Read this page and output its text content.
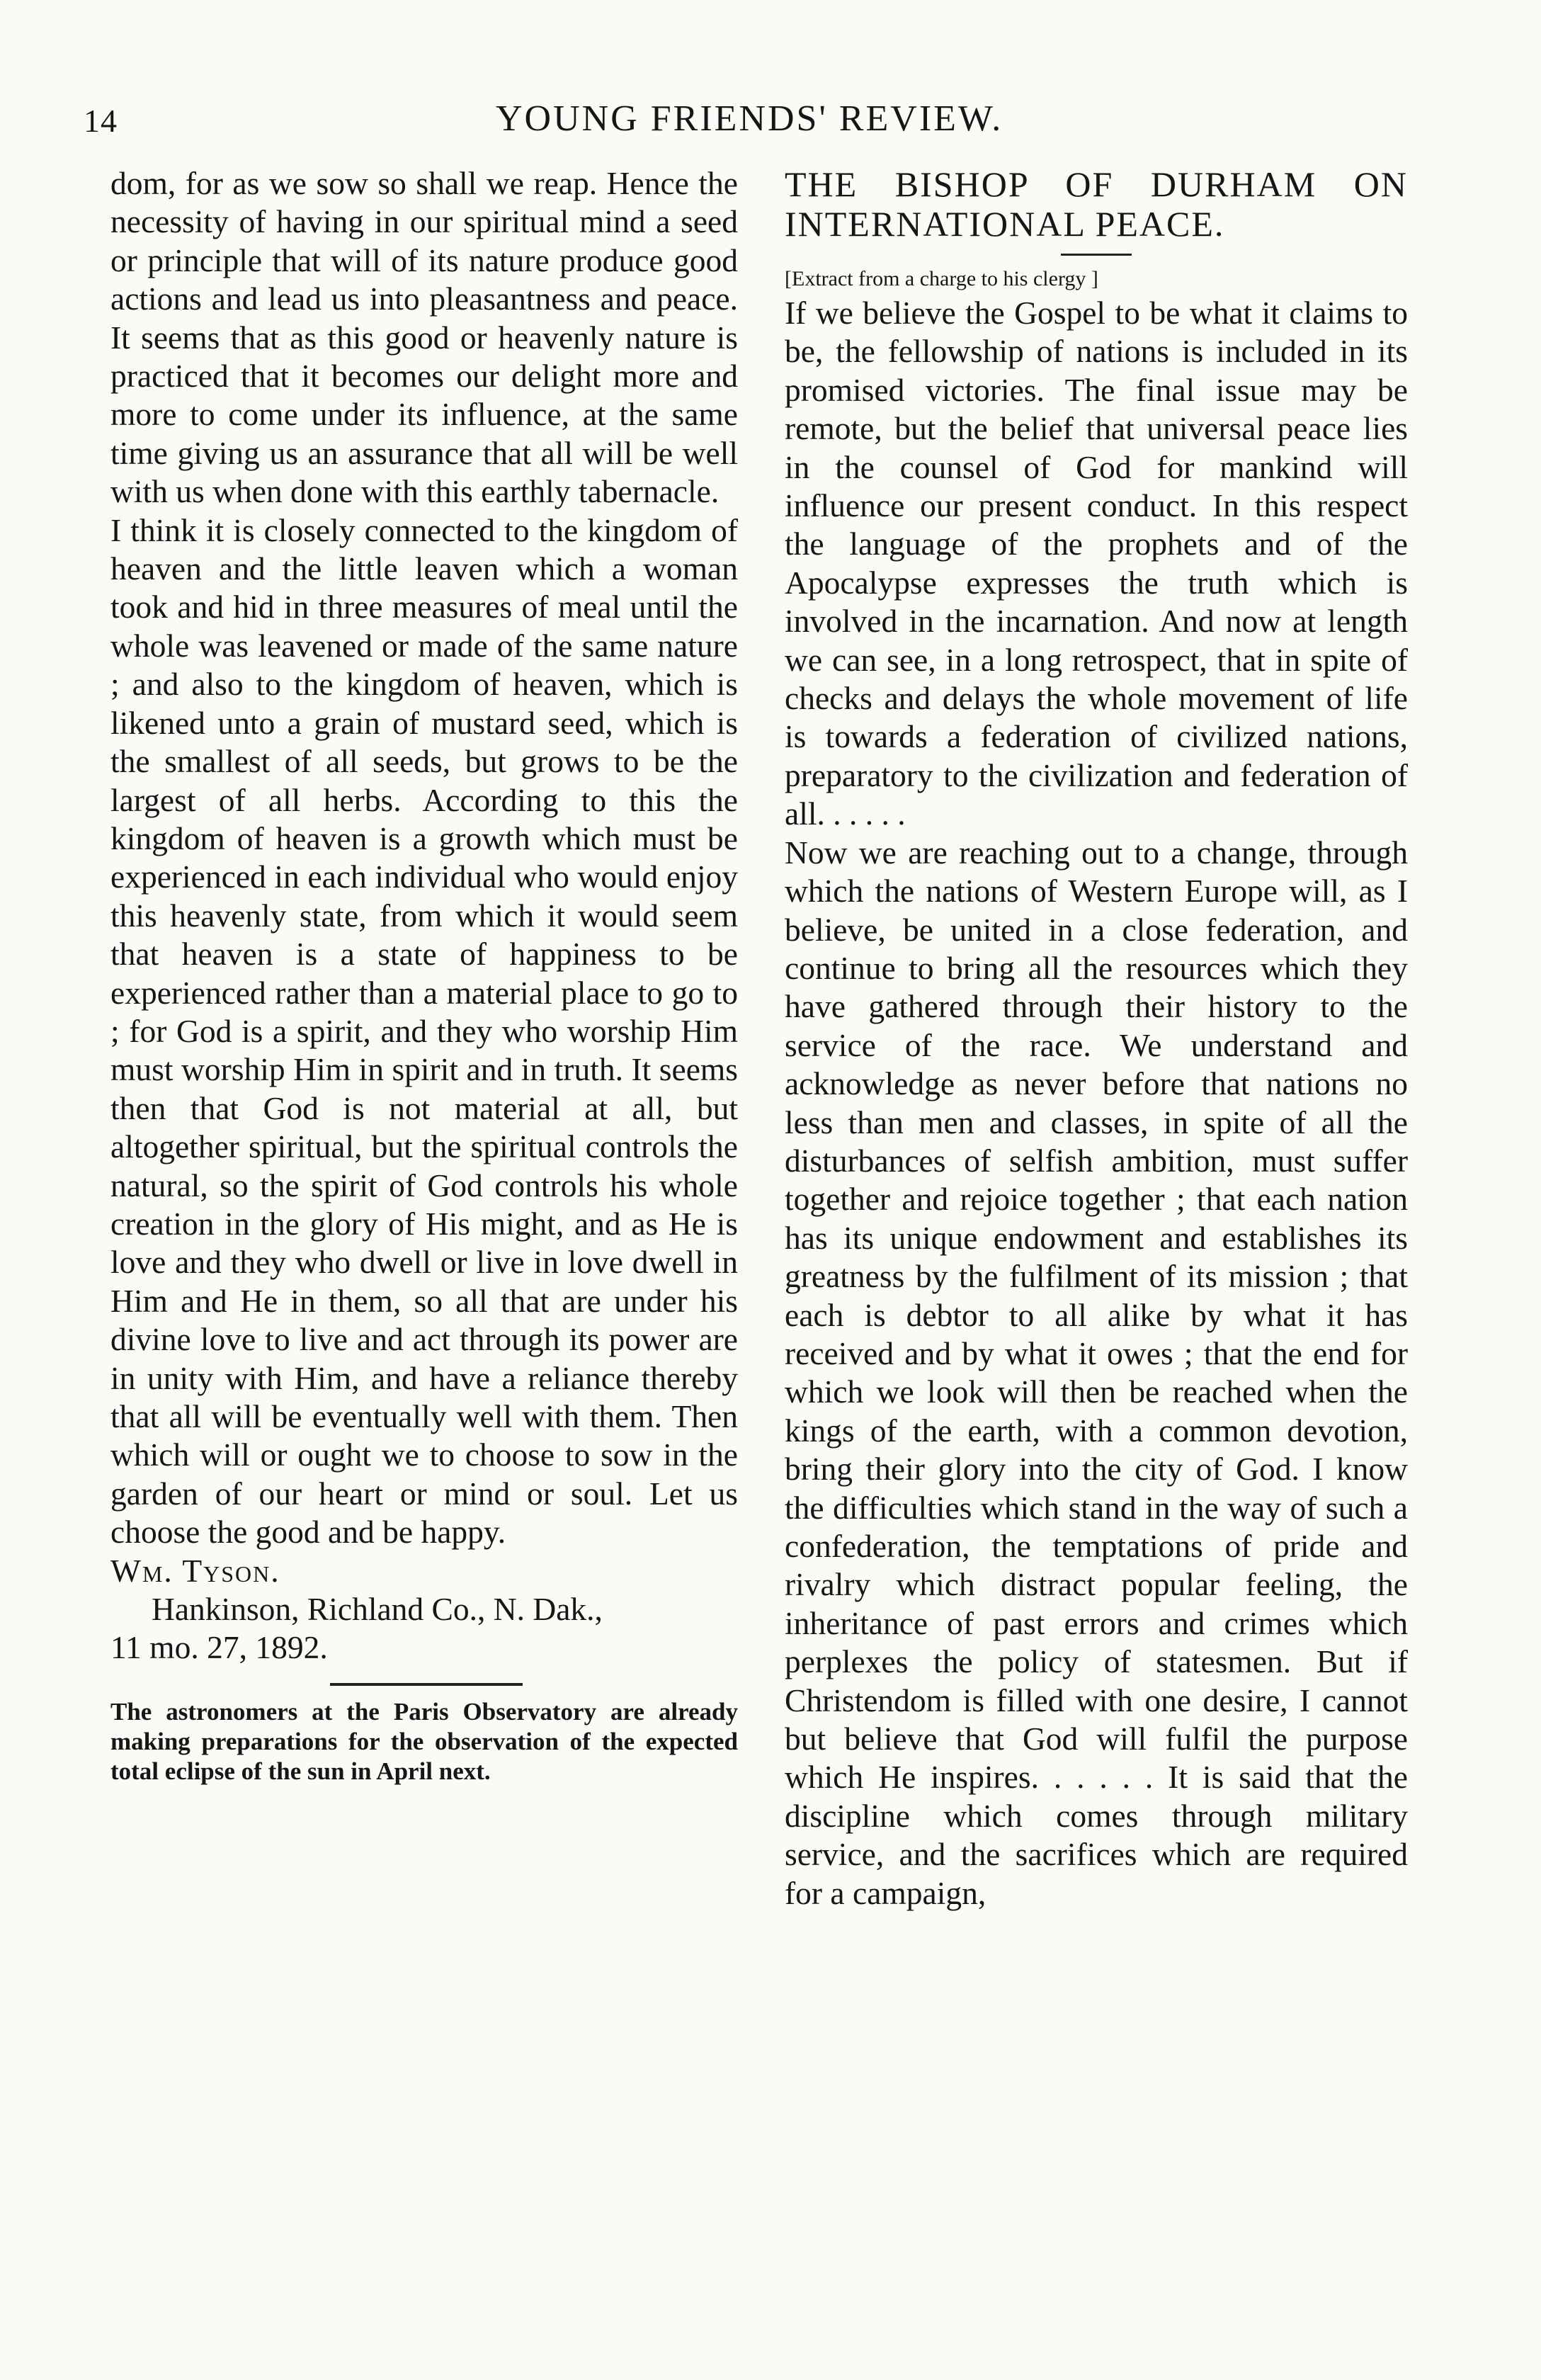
14	YOUNG FRIENDS' REVIEW.

dom, for as we sow so shall we reap. Hence the necessity of having in our spiritual mind a seed or principle that will of its nature produce good actions and lead us into pleasantness and peace. It seems that as this good or heavenly nature is practiced that it becomes our delight more and more to come under its influence, at the same time giving us an assurance that all will be well with us when done with this earthly tabernacle.

I think it is closely connected to the kingdom of heaven and the little leaven which a woman took and hid in three measures of meal until the whole was leavened or made of the same nature ; and also to the kingdom of heaven, which is likened unto a grain of mustard seed, which is the smallest of all seeds, but grows to be the largest of all herbs. According to this the kingdom of heaven is a growth which must be experienced in each individual who would enjoy this heavenly state, from which it would seem that heaven is a state of happiness to be experienced rather than a material place to go to ; for God is a spirit, and they who worship Him must worship Him in spirit and in truth. It seems then that God is not material at all, but altogether spiritual, but the spiritual controls the natural, so the spirit of God controls his whole creation in the glory of His might, and as He is love and they who dwell or live in love dwell in Him and He in them, so all that are under his divine love to live and act through its power are in unity with Him, and have a reliance thereby that all will be eventually well with them. Then which will or ought we to choose to sow in the garden of our heart or mind or soul. Let us choose the good and be happy.

Wm. Tyson.

Hankinson, Richland Co., N. Dak.,

11 mo. 27, 1892.

The astronomers at the Paris Observatory are already making preparations for the observation of the expected total eclipse of the sun in April next.

THE BISHOP OF DURHAM ON INTERNATIONAL PEACE.

[Extract from a charge to his clergy ]

If we believe the Gospel to be what it claims to be, the fellowship of nations is included in its promised victories. The final issue may be remote, but the belief that universal peace lies in the counsel of God for mankind will influence our present conduct. In this respect the language of the prophets and of the Apocalypse expresses the truth which is involved in the incarnation. And now at length we can see, in a long retrospect, that in spite of checks and delays the whole movement of life is towards a federation of civilized nations, preparatory to the civilization and federation of all. . . . . .

Now we are reaching out to a change, through which the nations of Western Europe will, as I believe, be united in a close federation, and continue to bring all the resources which they have gathered through their history to the service of the race. We understand and acknowledge as never before that nations no less than men and classes, in spite of all the disturbances of selfish ambition, must suffer together and rejoice together ; that each nation has its unique endowment and establishes its greatness by the fulfilment of its mission ; that each is debtor to all alike by what it has received and by what it owes ; that the end for which we look will then be reached when the kings of the earth, with a common devotion, bring their glory into the city of God. I know the difficulties which stand in the way of such a confederation, the temptations of pride and rivalry which distract popular feeling, the inheritance of past errors and crimes which perplexes the policy of statesmen. But if Christendom is filled with one desire, I cannot but believe that God will fulfil the purpose which He inspires. . . . . . It is said that the discipline which comes through military service, and the sacrifices which are required for a campaign,
